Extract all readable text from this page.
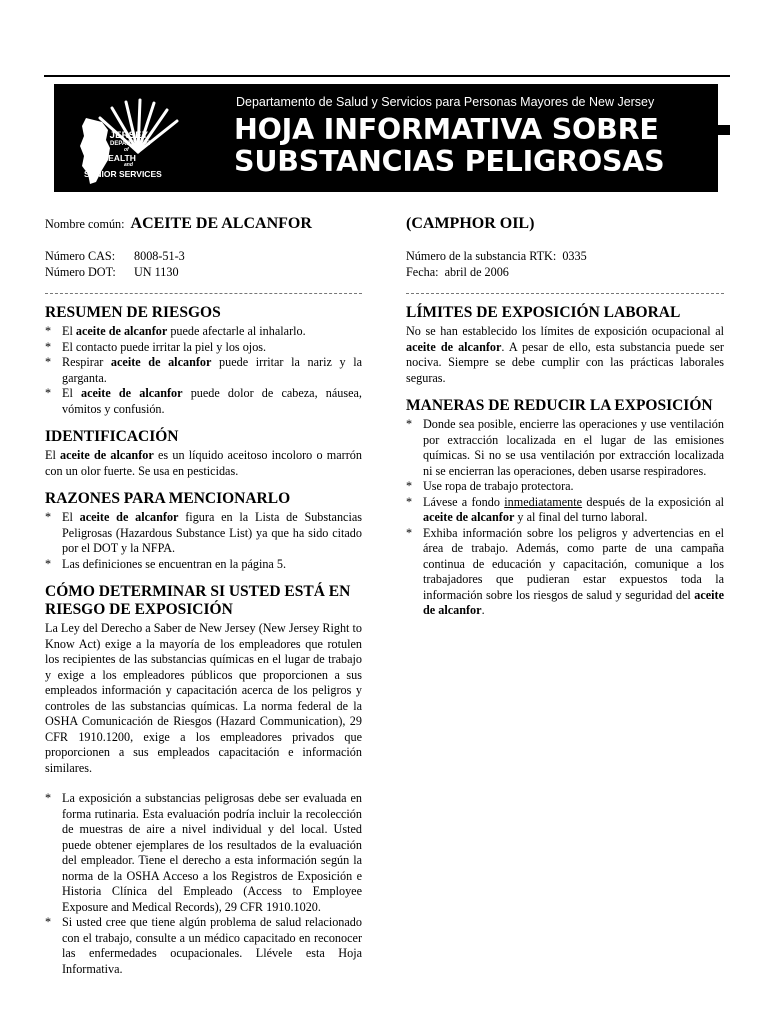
NEW JERSEY
DEPARTMENT
of
HEALTH
and
SENIOR SERVICES
Departamento de Salud y Servicios para Personas Mayores de New Jersey
HOJA INFORMATIVA SOBRE
SUBSTANCIAS PELIGROSAS
Nombre común: ACEITE DE ALCANFOR
Número CAS: 8008-51-3
Número DOT: UN 1130
RESUMEN DE RIESGOS
* El aceite de alcanfor puede afectarle al inhalarlo.
* El contacto puede irritar la piel y los ojos.
* Respirar aceite de alcanfor puede irritar la nariz y la garganta.
* El aceite de alcanfor puede dolor de cabeza, náusea, vómitos y confusión.
IDENTIFICACIÓN

El aceite de alcanfor es un líquido aceitoso incoloro o marrón con un olor fuerte. Se usa en pesticidas.

RAZONES PARA MENCIONARLO
* El aceite de alcanfor figura en la Lista de Substancias Peligrosas (Hazardous Substance List) ya que ha sido citado por el DOT y la NFPA.
* Las definiciones se encuentran en la página 5.
CÓMO DETERMINAR SI USTED ESTÁ EN RIESGO DE EXPOSICIÓN

La Ley del Derecho a Saber de New Jersey (New Jersey Right to Know Act) exige a la mayoría de los empleadores que rotulen los recipientes de las substancias químicas en el lugar de trabajo y exige a los empleadores públicos que proporcionen a sus empleados información y capacitación acerca de los peligros y controles de las substancias químicas. La norma federal de la OSHA Comunicación de Riesgos (Hazard Communication), 29 CFR 1910.1200, exige a los empleadores privados que proporcionen a sus empleados capacitación e información similares.

* La exposición a substancias peligrosas debe ser evaluada en forma rutinaria. Esta evaluación podría incluir la recolección de muestras de aire a nivel individual y del local. Usted puede obtener ejemplares de los resultados de la evaluación del empleador. Tiene el derecho a esta información según la norma de la OSHA Acceso a los Registros de Exposición e Historia Clínica del Empleado (Access to Employee Exposure and Medical Records), 29 CFR 1910.1020.
* Si usted cree que tiene algún problema de salud relacionado con el trabajo, consulte a un médico capacitado en reconocer las enfermedades ocupacionales. Llévele esta Hoja Informativa.
(CAMPHOR OIL)
Número de la substancia RTK: 0335
Fecha: abril de 2006
LÍMITES DE EXPOSICIÓN LABORAL

No se han establecido los límites de exposición ocupacional al aceite de alcanfor. A pesar de ello, esta substancia puede ser nociva. Siempre se debe cumplir con las prácticas laborales seguras.

MANERAS DE REDUCIR LA EXPOSICIÓN
* Donde sea posible, encierre las operaciones y use ventilación por extracción localizada en el lugar de las emisiones químicas. Si no se usa ventilación por extracción localizada ni se encierran las operaciones, deben usarse respiradores.
* Use ropa de trabajo protectora.
* Lávese a fondo inmediatamente después de la exposición al aceite de alcanfor y al final del turno laboral.
* Exhiba información sobre los peligros y advertencias en el área de trabajo. Además, como parte de una campaña continua de educación y capacitación, comunique a los trabajadores que pudieran estar expuestos toda la información sobre los riesgos de salud y seguridad del aceite de alcanfor.
